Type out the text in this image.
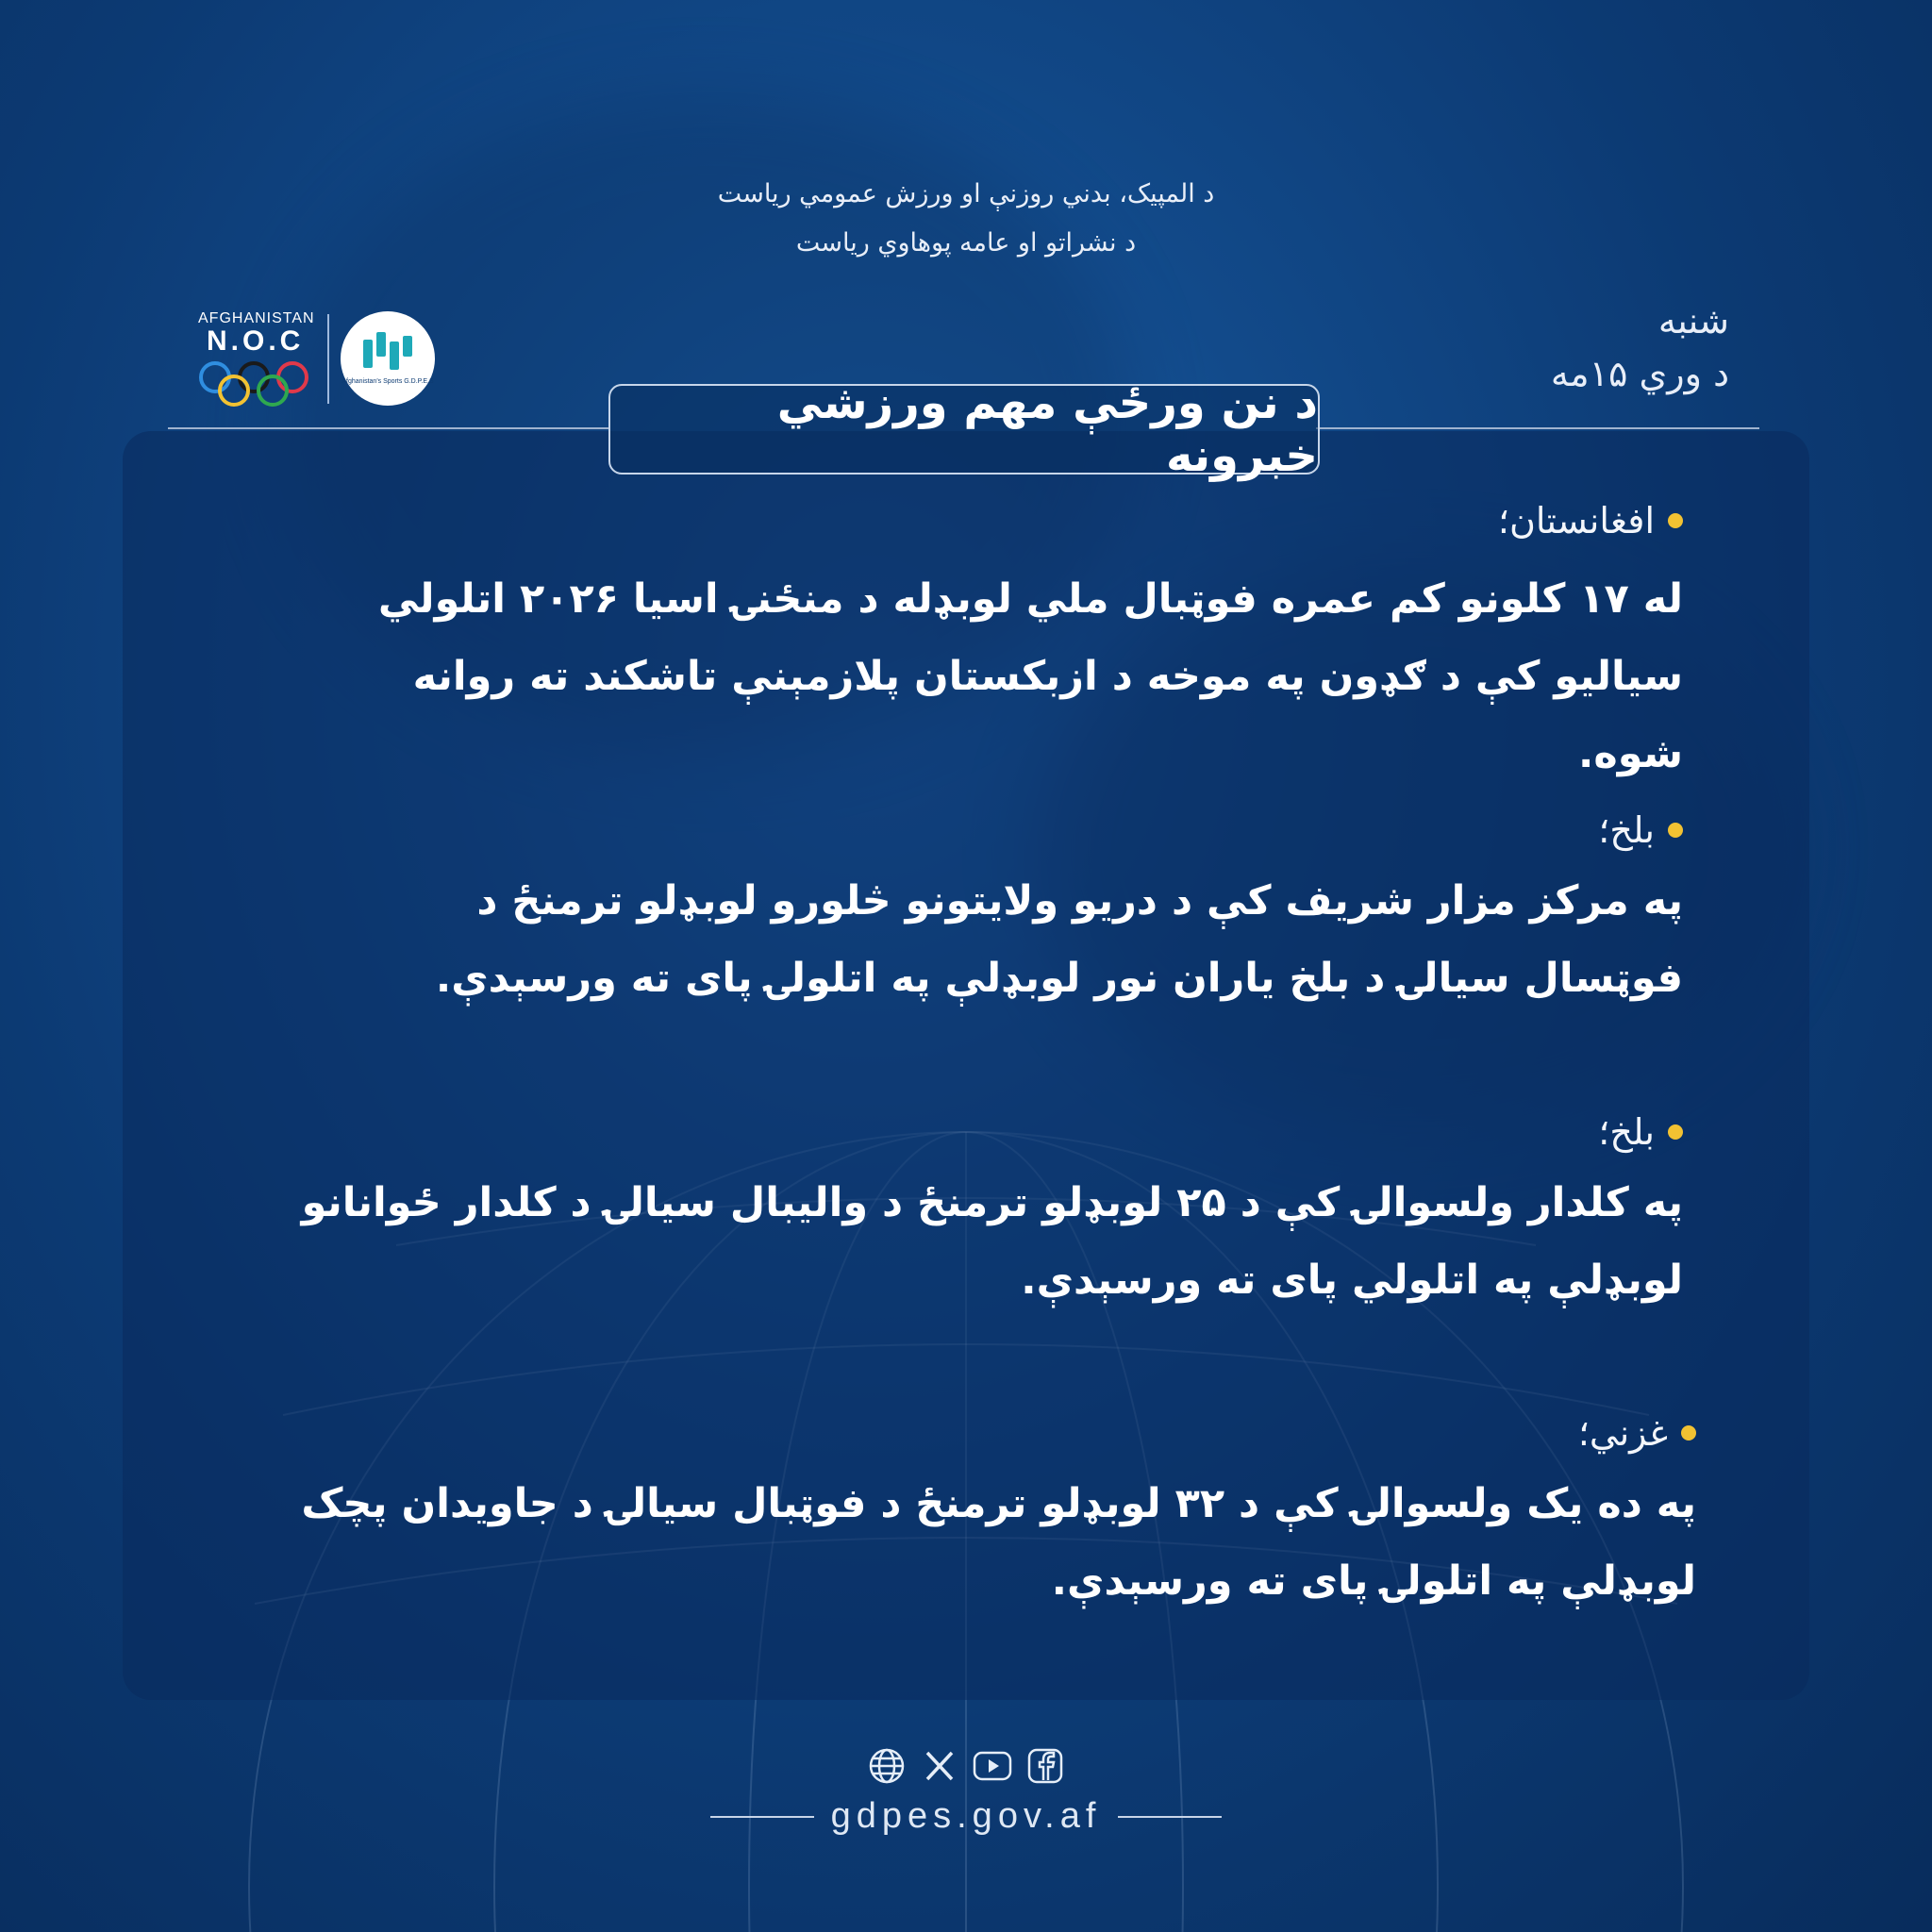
د المپیک، بدني روزنې او ورزش عمومي ریاست
د نشراتو او عامه پوهاوي ریاست
AFGHANISTAN
N.O.C
Afghanistan's Sports G.D.P.E.S
شنبه
د وري ۱۵مه
د نن ورځې مهم ورزشي خبرونه
افغانستان؛
له ۱۷ کلونو کم عمره فوټبال ملي لوبډله د منځنۍ اسیا ۲۰۲۶ اتلولي سیالیو کې د ګډون په موخه د ازبکستان پلازمېنې تاشکند ته روانه شوه.
بلخ؛
په مرکز مزار شریف کې د دریو ولایتونو څلورو لوبډلو ترمنځ د فوټسال سیالۍ د بلخ یاران نور لوبډلې په اتلولۍ پای ته ورسېدې.
بلخ؛
په کلدار ولسوالۍ کې د ۲۵ لوبډلو ترمنځ د والیبال سیالۍ د کلدار ځوانانو لوبډلې په اتلولي پای ته ورسېدې.
غزني؛
په ده یک ولسوالۍ کې د ۳۲ لوبډلو ترمنځ د فوټبال سیالۍ د جاویدان پچک لوبډلې په اتلولۍ پای ته ورسېدې.
gdpes.gov.af
